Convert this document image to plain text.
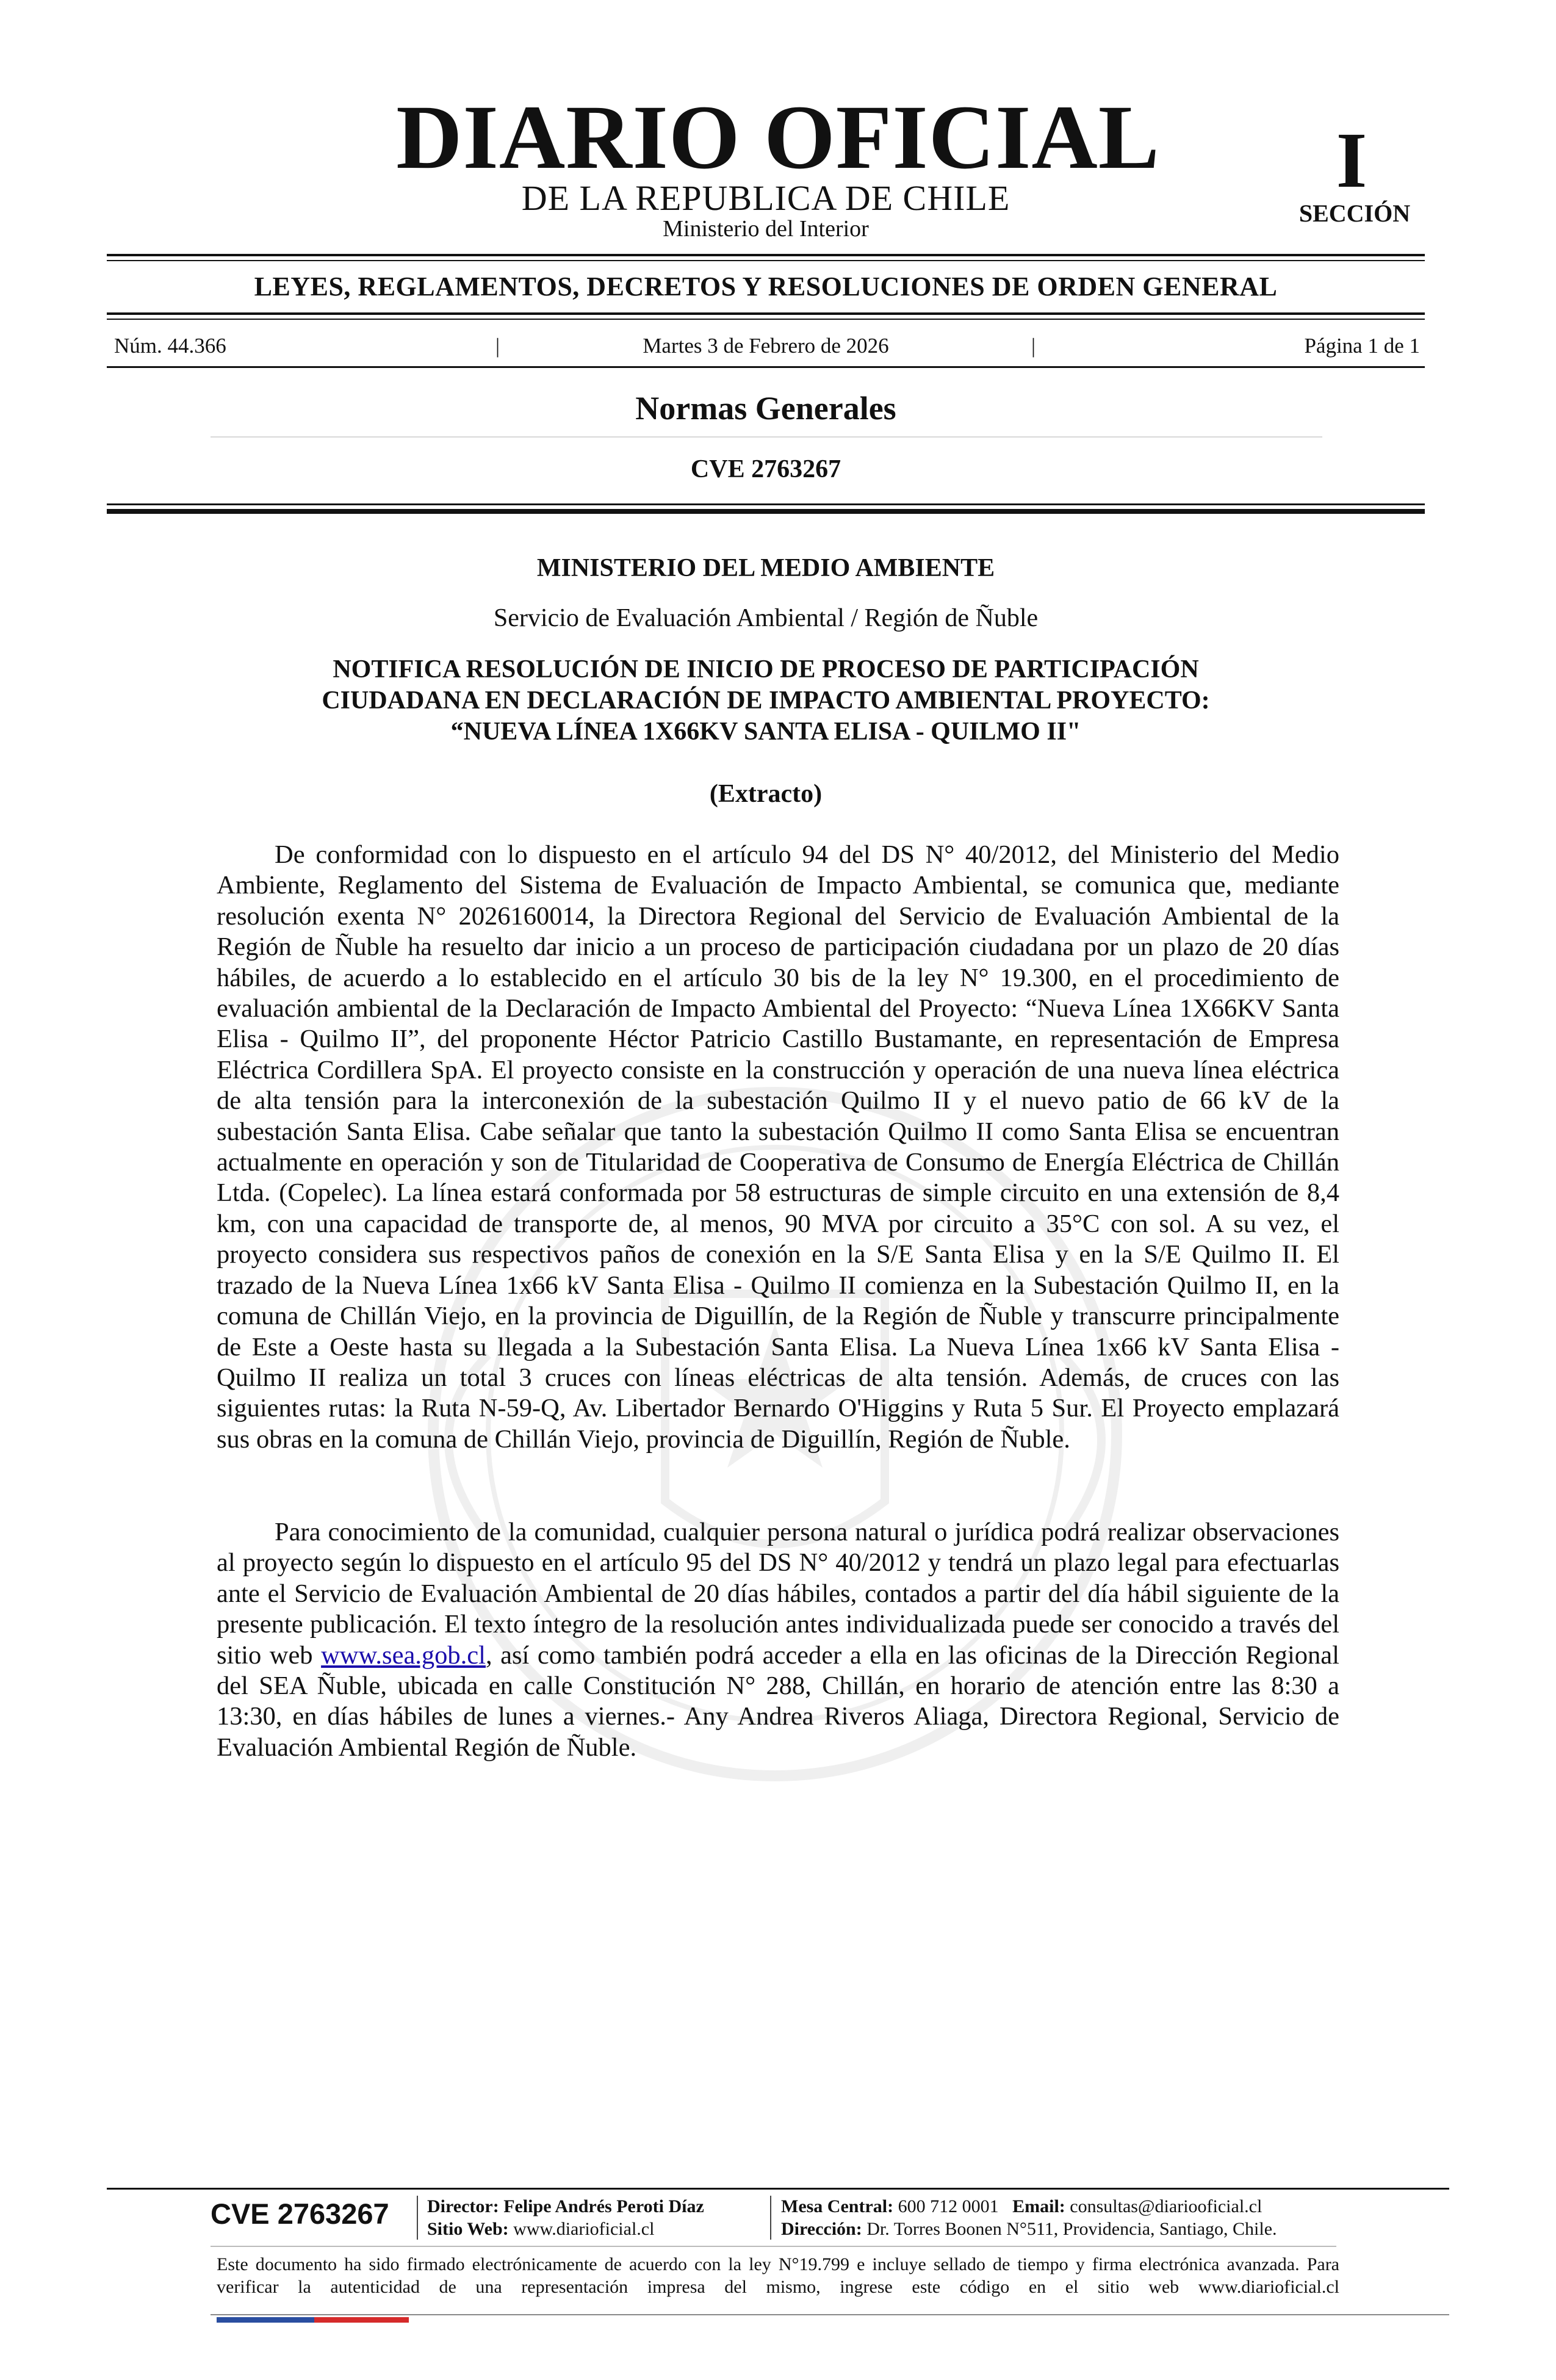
DIARIO OFICIAL
DE LA REPUBLICA DE CHILE
Ministerio del Interior
I
SECCIÓN
LEYES, REGLAMENTOS, DECRETOS Y RESOLUCIONES DE ORDEN GENERAL
Núm. 44.366	|	Martes 3 de Febrero de 2026	|	Página 1 de 1
Normas Generales
CVE 2763267
MINISTERIO DEL MEDIO AMBIENTE
Servicio de Evaluación Ambiental / Región de Ñuble
NOTIFICA RESOLUCIÓN DE INICIO DE PROCESO DE PARTICIPACIÓN
CIUDADANA EN DECLARACIÓN DE IMPACTO AMBIENTAL PROYECTO:
“NUEVA LÍNEA 1X66KV SANTA ELISA - QUILMO II"
(Extracto)
De conformidad con lo dispuesto en el artículo 94 del DS N° 40/2012, del Ministerio del Medio Ambiente, Reglamento del Sistema de Evaluación de Impacto Ambiental, se comunica que, mediante resolución exenta N° 2026160014, la Directora Regional del Servicio de Evaluación Ambiental de la Región de Ñuble ha resuelto dar inicio a un proceso de participación ciudadana por un plazo de 20 días hábiles, de acuerdo a lo establecido en el artículo 30 bis de la ley N° 19.300, en el procedimiento de evaluación ambiental de la Declaración de Impacto Ambiental del Proyecto: “Nueva Línea 1X66KV Santa Elisa - Quilmo II”, del proponente Héctor Patricio Castillo Bustamante, en representación de Empresa Eléctrica Cordillera SpA. El proyecto consiste en la construcción y operación de una nueva línea eléctrica de alta tensión para la interconexión de la subestación Quilmo II y el nuevo patio de 66 kV de la subestación Santa Elisa. Cabe señalar que tanto la subestación Quilmo II como Santa Elisa se encuentran actualmente en operación y son de Titularidad de Cooperativa de Consumo de Energía Eléctrica de Chillán Ltda. (Copelec). La línea estará conformada por 58 estructuras de simple circuito en una extensión de 8,4 km, con una capacidad de transporte de, al menos, 90 MVA por circuito a 35°C con sol. A su vez, el proyecto considera sus respectivos paños de conexión en la S/E Santa Elisa y en la S/E Quilmo II. El trazado de la Nueva Línea 1x66 kV Santa Elisa - Quilmo II comienza en la Subestación Quilmo II, en la comuna de Chillán Viejo, en la provincia de Diguillín, de la Región de Ñuble y transcurre principalmente de Este a Oeste hasta su llegada a la Subestación Santa Elisa. La Nueva Línea 1x66 kV Santa Elisa - Quilmo II realiza un total 3 cruces con líneas eléctricas de alta tensión. Además, de cruces con las siguientes rutas: la Ruta N-59-Q, Av. Libertador Bernardo O'Higgins y Ruta 5 Sur. El Proyecto emplazará sus obras en la comuna de Chillán Viejo, provincia de Diguillín, Región de Ñuble.
Para conocimiento de la comunidad, cualquier persona natural o jurídica podrá realizar observaciones al proyecto según lo dispuesto en el artículo 95 del DS N° 40/2012 y tendrá un plazo legal para efectuarlas ante el Servicio de Evaluación Ambiental de 20 días hábiles, contados a partir del día hábil siguiente de la presente publicación. El texto íntegro de la resolución antes individualizada puede ser conocido a través del sitio web www.sea.gob.cl, así como también podrá acceder a ella en las oficinas de la Dirección Regional del SEA Ñuble, ubicada en calle Constitución N° 288, Chillán, en horario de atención entre las 8:30 a 13:30, en días hábiles de lunes a viernes.- Any Andrea Riveros Aliaga, Directora Regional, Servicio de Evaluación Ambiental Región de Ñuble.
CVE 2763267 Director: Felipe Andrés Peroti Díaz
Sitio Web: www.diarioficial.cl
Mesa Central: 600 712 0001 Email: consultas@diariooficial.cl
Dirección: Dr. Torres Boonen N°511, Providencia, Santiago, Chile.
Este documento ha sido firmado electrónicamente de acuerdo con la ley N°19.799 e incluye sellado de tiempo y firma electrónica avanzada. Para verificar la autenticidad de una representación impresa del mismo, ingrese este código en el sitio web www.diarioficial.cl
